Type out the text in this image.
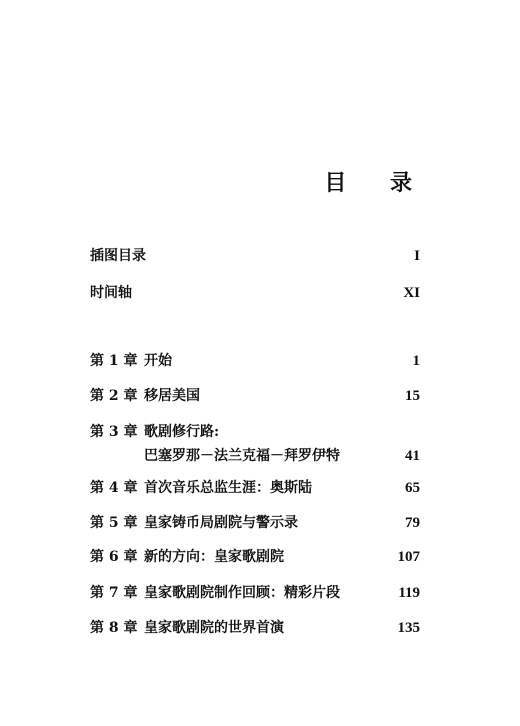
目 录
插图目录	I
时间轴	XI
第 1 章 开始	1
第 2 章 移居美国	15
第 3 章 歌剧修行路:
巴塞罗那－法兰克福－拜罗伊特	41
第 4 章 首次音乐总监生涯：奥斯陆	65
第 5 章 皇家铸币局剧院与警示录	79
第 6 章 新的方向：皇家歌剧院	107
第 7 章 皇家歌剧院制作回顾：精彩片段	119
第 8 章 皇家歌剧院的世界首演	135
